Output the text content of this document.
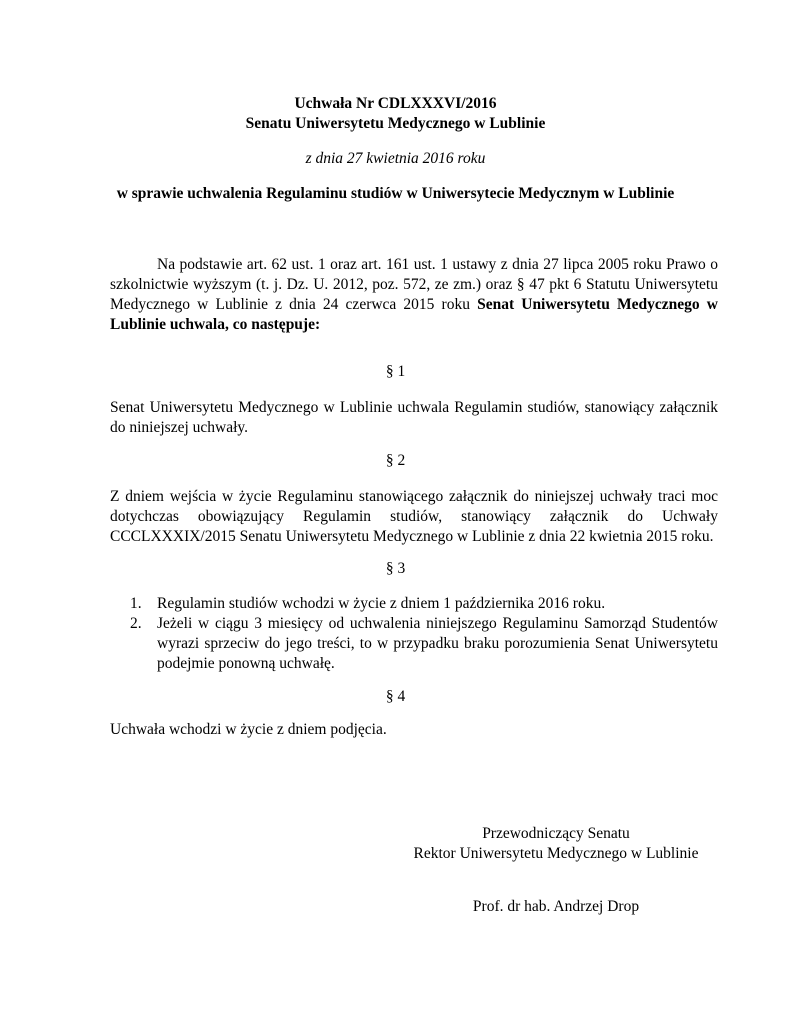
Uchwała Nr CDLXXXVI/2016
Senatu Uniwersytetu Medycznego w Lublinie
z dnia 27 kwietnia 2016 roku
w sprawie uchwalenia Regulaminu studiów w Uniwersytecie Medycznym w Lublinie
Na podstawie art. 62 ust. 1 oraz art. 161 ust. 1 ustawy z dnia 27 lipca 2005 roku Prawo o szkolnictwie wyższym (t. j. Dz. U. 2012, poz. 572, ze zm.) oraz § 47 pkt 6 Statutu Uniwersytetu Medycznego w Lublinie z dnia 24 czerwca 2015 roku Senat Uniwersytetu Medycznego w Lublinie uchwala, co następuje:
§ 1
Senat Uniwersytetu Medycznego w Lublinie uchwala Regulamin studiów, stanowiący załącznik do niniejszej uchwały.
§ 2
Z dniem wejścia w życie Regulaminu stanowiącego załącznik do niniejszej uchwały traci moc dotychczas obowiązujący Regulamin studiów, stanowiący załącznik do Uchwały CCCLXXXIX/2015 Senatu Uniwersytetu Medycznego w Lublinie z dnia 22 kwietnia 2015 roku.
§ 3
1. Regulamin studiów wchodzi w życie z dniem 1 października 2016 roku.
2. Jeżeli w ciągu 3 miesięcy od uchwalenia niniejszego Regulaminu Samorząd Studentów wyrazi sprzeciw do jego treści, to w przypadku braku porozumienia Senat Uniwersytetu podejmie ponowną uchwałę.
§ 4
Uchwała wchodzi w życie z dniem podjęcia.
Przewodniczący Senatu
Rektor Uniwersytetu Medycznego w Lublinie
Prof. dr hab. Andrzej Drop
